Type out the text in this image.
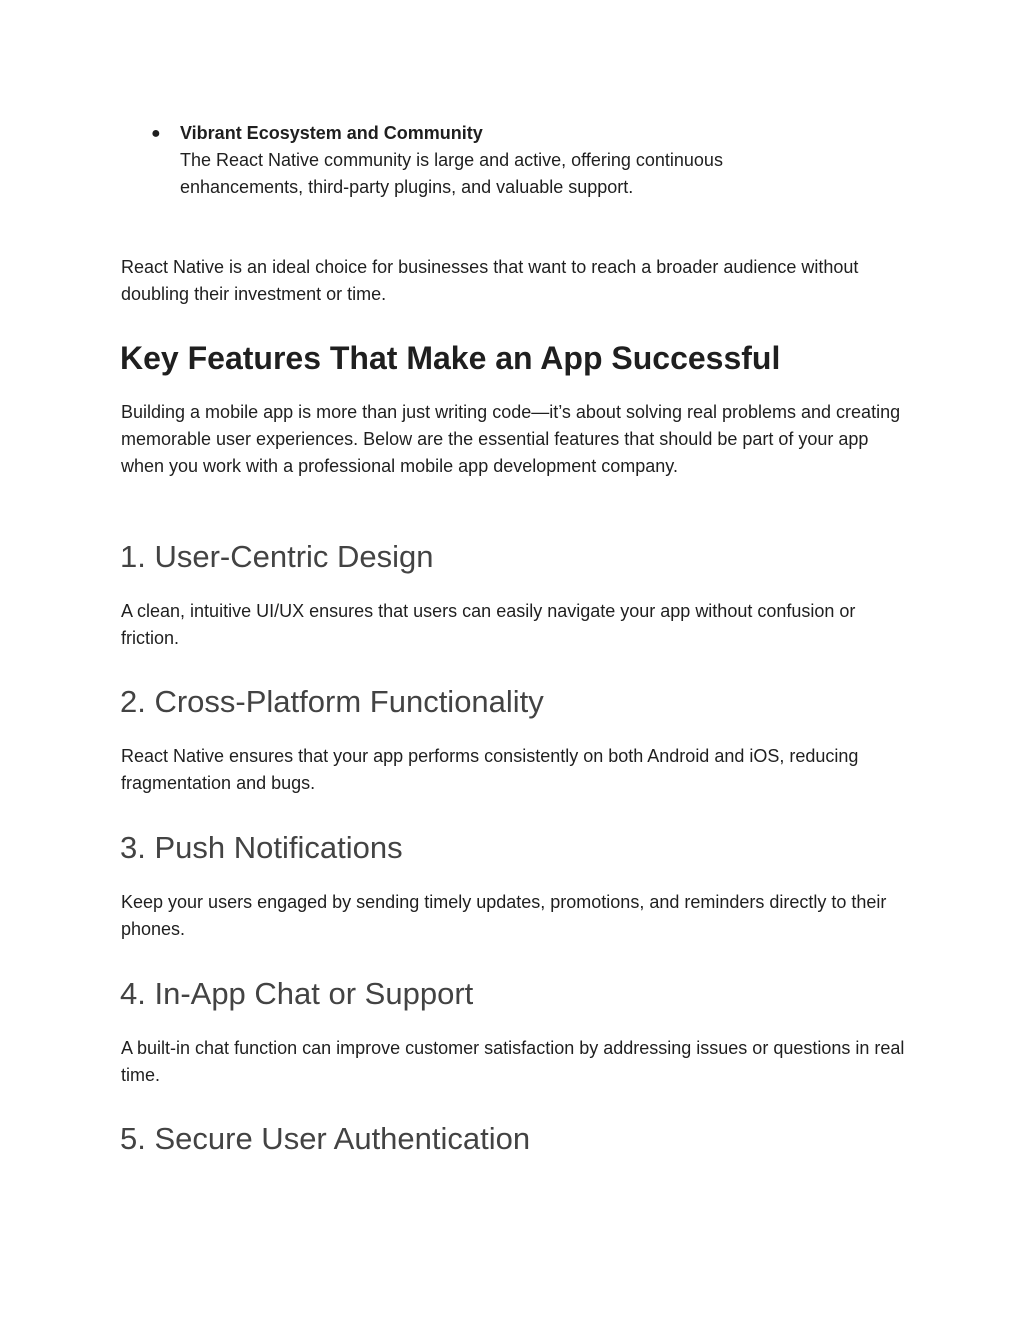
● Vibrant Ecosystem and Community
The React Native community is large and active, offering continuous enhancements, third-party plugins, and valuable support.

React Native is an ideal choice for businesses that want to reach a broader audience without doubling their investment or time.

Key Features That Make an App Successful

Building a mobile app is more than just writing code—it’s about solving real problems and creating memorable user experiences. Below are the essential features that should be part of your app when you work with a professional mobile app development company.

1. User-Centric Design

A clean, intuitive UI/UX ensures that users can easily navigate your app without confusion or friction.

2. Cross-Platform Functionality

React Native ensures that your app performs consistently on both Android and iOS, reducing fragmentation and bugs.

3. Push Notifications

Keep your users engaged by sending timely updates, promotions, and reminders directly to their phones.

4. In-App Chat or Support

A built-in chat function can improve customer satisfaction by addressing issues or questions in real time.

5. Secure User Authentication
